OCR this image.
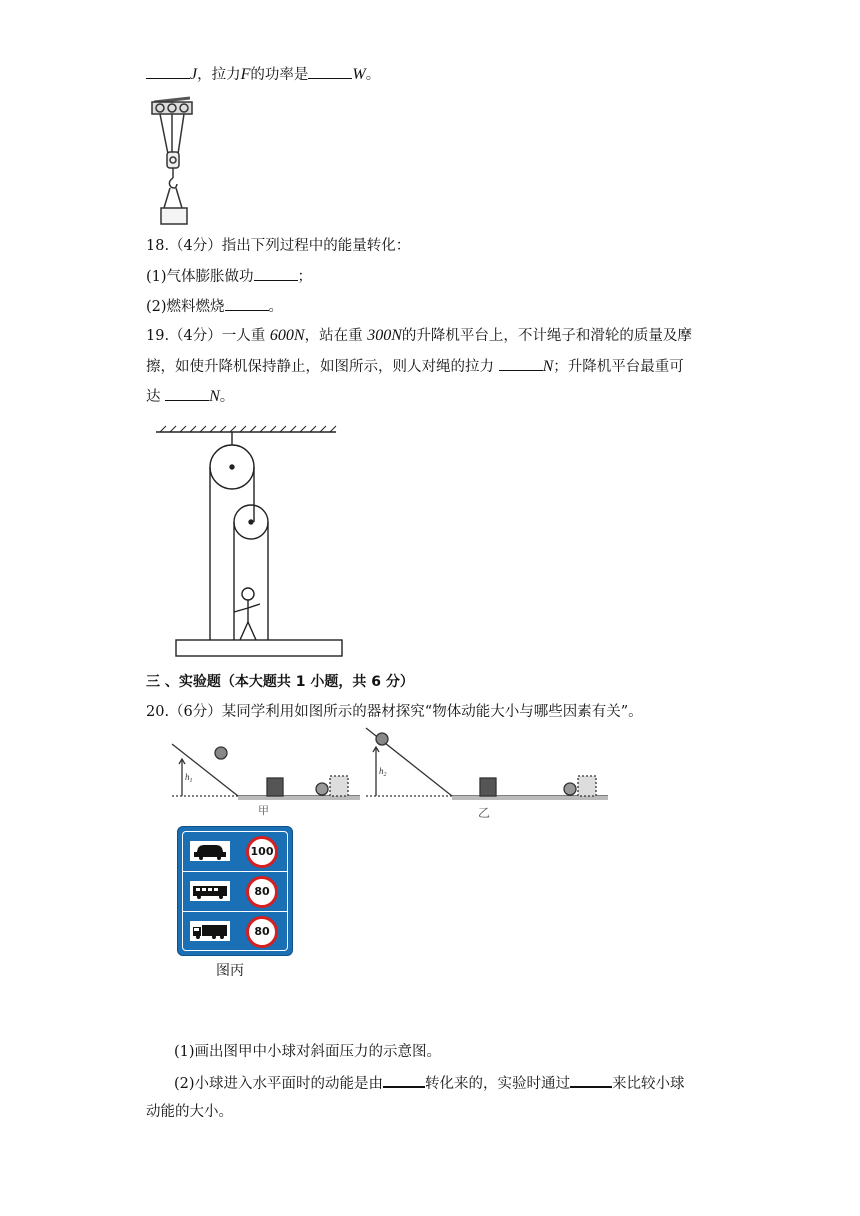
J，拉力F的功率是	W。
18.（4分）指出下列过程中的能量转化：
(1)气体膨胀做功	；
(2)燃料燃烧	。
19.（4分）一人重 600N，站在重 300N的升降机平台上，不计绳子和滑轮的质量及摩
擦，如使升降机保持静止，如图所示，则人对绳的拉力	N；升降机平台最重可
达	N。
三 、实验题（本大题共 1 小题，共 6 分）
20.（6分）某同学利用如图所示的器材探究“物体动能大小与哪些因素有关”。
$h_1$
甲
$h_2$
乙
100
80
80
图丙
(1)画出图甲中小球对斜面压力的示意图。
(2)小球进入水平面时的动能是由	转化来的，实验时通过	来比较小球
动能的大小。
